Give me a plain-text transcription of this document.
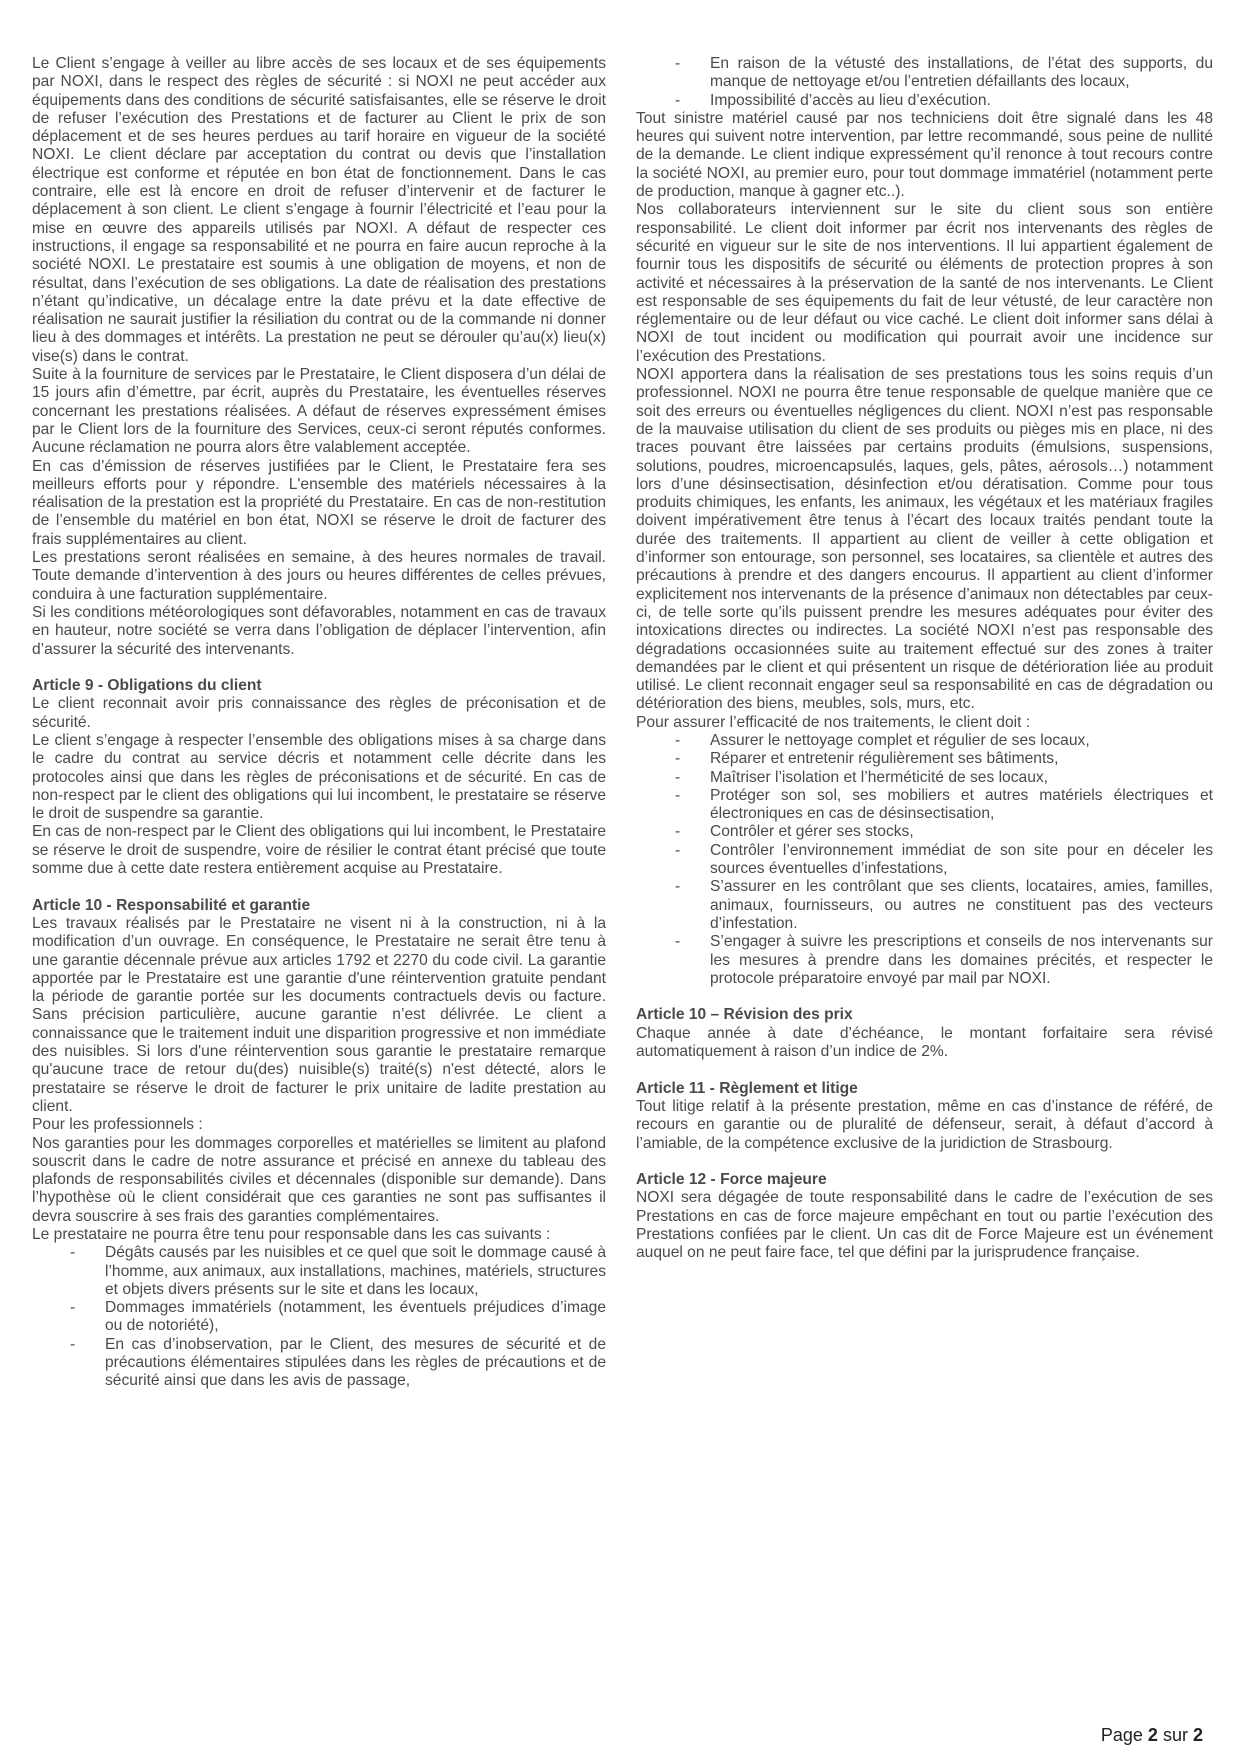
Le Client s’engage à veiller au libre accès de ses locaux et de ses équipements par NOXI, dans le respect des règles de sécurité : si NOXI ne peut accéder aux équipements dans des conditions de sécurité satisfaisantes, elle se réserve le droit de refuser l’exécution des Prestations et de facturer au Client le prix de son déplacement et de ses heures perdues au tarif horaire en vigueur de la société NOXI. Le client déclare par acceptation du contrat ou devis que l’installation électrique est conforme et réputée en bon état de fonctionnement. Dans le cas contraire, elle est là encore en droit de refuser d’intervenir et de facturer le déplacement à son client. Le client s’engage à fournir l’électricité et l’eau pour la mise en œuvre des appareils utilisés par NOXI. A défaut de respecter ces instructions, il engage sa responsabilité et ne pourra en faire aucun reproche à la société NOXI. Le prestataire est soumis à une obligation de moyens, et non de résultat, dans l’exécution de ses obligations. La date de réalisation des prestations n’étant qu’indicative, un décalage entre la date prévu et la date effective de réalisation ne saurait justifier la résiliation du contrat ou de la commande ni donner lieu à des dommages et intérêts. La prestation ne peut se dérouler qu’au(x) lieu(x) vise(s) dans le contrat.

Suite à la fourniture de services par le Prestataire, le Client disposera d’un délai de 15 jours afin d’émettre, par écrit, auprès du Prestataire, les éventuelles réserves concernant les prestations réalisées. A défaut de réserves expressément émises par le Client lors de la fourniture des Services, ceux-ci seront réputés conformes. Aucune réclamation ne pourra alors être valablement acceptée.

En cas d’émission de réserves justifiées par le Client, le Prestataire fera ses meilleurs efforts pour y répondre. L'ensemble des matériels nécessaires à la réalisation de la prestation est la propriété du Prestataire. En cas de non-restitution de l’ensemble du matériel en bon état, NOXI se réserve le droit de facturer des frais supplémentaires au client.

Les prestations seront réalisées en semaine, à des heures normales de travail. Toute demande d’intervention à des jours ou heures différentes de celles prévues, conduira à une facturation supplémentaire.

Si les conditions météorologiques sont défavorables, notamment en cas de travaux en hauteur, notre société se verra dans l’obligation de déplacer l’intervention, afin d’assurer la sécurité des intervenants.

Article 9 - Obligations du client

Le client reconnait avoir pris connaissance des règles de préconisation et de sécurité.

Le client s’engage à respecter l’ensemble des obligations mises à sa charge dans le cadre du contrat au service décris et notamment celle décrite dans les protocoles ainsi que dans les règles de préconisations et de sécurité. En cas de non-respect par le client des obligations qui lui incombent, le prestataire se réserve le droit de suspendre sa garantie.

En cas de non-respect par le Client des obligations qui lui incombent, le Prestataire se réserve le droit de suspendre, voire de résilier le contrat étant précisé que toute somme due à cette date restera entièrement acquise au Prestataire.

Article 10 - Responsabilité et garantie

Les travaux réalisés par le Prestataire ne visent ni à la construction, ni à la modification d’un ouvrage. En conséquence, le Prestataire ne serait être tenu à une garantie décennale prévue aux articles 1792 et 2270 du code civil. La garantie apportée par le Prestataire est une garantie d'une réintervention gratuite pendant la période de garantie portée sur les documents contractuels devis ou facture. Sans précision particulière, aucune garantie n’est délivrée. Le client a connaissance que le traitement induit une disparition progressive et non immédiate des nuisibles. Si lors d'une réintervention sous garantie le prestataire remarque qu'aucune trace de retour du(des) nuisible(s) traité(s) n'est détecté, alors le prestataire se réserve le droit de facturer le prix unitaire de ladite prestation au client.

Pour les professionnels :

Nos garanties pour les dommages corporelles et matérielles se limitent au plafond souscrit dans le cadre de notre assurance et précisé en annexe du tableau des plafonds de responsabilités civiles et décennales (disponible sur demande). Dans l’hypothèse où le client considérait que ces garanties ne sont pas suffisantes il devra souscrire à ses frais des garanties complémentaires.

Le prestataire ne pourra être tenu pour responsable dans les cas suivants :

- Dégâts causés par les nuisibles et ce quel que soit le dommage causé à l’homme, aux animaux, aux installations, machines, matériels, structures et objets divers présents sur le site et dans les locaux,
- Dommages immatériels (notamment, les éventuels préjudices d’image ou de notoriété),
- En cas d’inobservation, par le Client, des mesures de sécurité et de précautions élémentaires stipulées dans les règles de précautions et de sécurité ainsi que dans les avis de passage,
- En raison de la vétusté des installations, de l’état des supports, du manque de nettoyage et/ou l’entretien défaillants des locaux,
- Impossibilité d’accès au lieu d’exécution.

Tout sinistre matériel causé par nos techniciens doit être signalé dans les 48 heures qui suivent notre intervention, par lettre recommandé, sous peine de nullité de la demande. Le client indique expressément qu’il renonce à tout recours contre la société NOXI, au premier euro, pour tout dommage immatériel (notamment perte de production, manque à gagner etc..).

Nos collaborateurs interviennent sur le site du client sous son entière responsabilité. Le client doit informer par écrit nos intervenants des règles de sécurité en vigueur sur le site de nos interventions. Il lui appartient également de fournir tous les dispositifs de sécurité ou éléments de protection propres à son activité et nécessaires à la préservation de la santé de nos intervenants. Le Client est responsable de ses équipements du fait de leur vétusté, de leur caractère non réglementaire ou de leur défaut ou vice caché. Le client doit informer sans délai à NOXI de tout incident ou modification qui pourrait avoir une incidence sur l’exécution des Prestations.

NOXI apportera dans la réalisation de ses prestations tous les soins requis d’un professionnel. NOXI ne pourra être tenue responsable de quelque manière que ce soit des erreurs ou éventuelles négligences du client. NOXI n’est pas responsable de la mauvaise utilisation du client de ses produits ou pièges mis en place, ni des traces pouvant être laissées par certains produits (émulsions, suspensions, solutions, poudres, microencapsulés, laques, gels, pâtes, aérosols…) notamment lors d’une désinsectisation, désinfection et/ou dératisation. Comme pour tous produits chimiques, les enfants, les animaux, les végétaux et les matériaux fragiles doivent impérativement être tenus à l’écart des locaux traités pendant toute la durée des traitements. Il appartient au client de veiller à cette obligation et d’informer son entourage, son personnel, ses locataires, sa clientèle et autres des précautions à prendre et des dangers encourus. Il appartient au client d’informer explicitement nos intervenants de la présence d’animaux non détectables par ceux-ci, de telle sorte qu’ils puissent prendre les mesures adéquates pour éviter des intoxications directes ou indirectes. La société NOXI n’est pas responsable des dégradations occasionnées suite au traitement effectué sur des zones à traiter demandées par le client et qui présentent un risque de détérioration liée au produit utilisé. Le client reconnait engager seul sa responsabilité en cas de dégradation ou détérioration des biens, meubles, sols, murs, etc.

Pour assurer l’efficacité de nos traitements, le client doit :

- Assurer le nettoyage complet et régulier de ses locaux,
- Réparer et entretenir régulièrement ses bâtiments,
- Maîtriser l’isolation et l’herméticité de ses locaux,
- Protéger son sol, ses mobiliers et autres matériels électriques et électroniques en cas de désinsectisation,
- Contrôler et gérer ses stocks,
- Contrôler l’environnement immédiat de son site pour en déceler les sources éventuelles d’infestations,
- S’assurer en les contrôlant que ses clients, locataires, amies, familles, animaux, fournisseurs, ou autres ne constituent pas des vecteurs d’infestation.
- S’engager à suivre les prescriptions et conseils de nos intervenants sur les mesures à prendre dans les domaines précités, et respecter le protocole préparatoire envoyé par mail par NOXI.
Article 10 – Révision des prix

Chaque année à date d’échéance, le montant forfaitaire sera révisé automatiquement à raison d’un indice de 2%.

Article 11 - Règlement et litige

Tout litige relatif à la présente prestation, même en cas d’instance de référé, de recours en garantie ou de pluralité de défenseur, serait, à défaut d’accord à l’amiable, de la compétence exclusive de la juridiction de Strasbourg.

Article 12 - Force majeure

NOXI sera dégagée de toute responsabilité dans le cadre de l’exécution de ses Prestations en cas de force majeure empêchant en tout ou partie l’exécution des Prestations confiées par le client. Un cas dit de Force Majeure est un événement auquel on ne peut faire face, tel que défini par la jurisprudence française.

Page 2 sur 2
